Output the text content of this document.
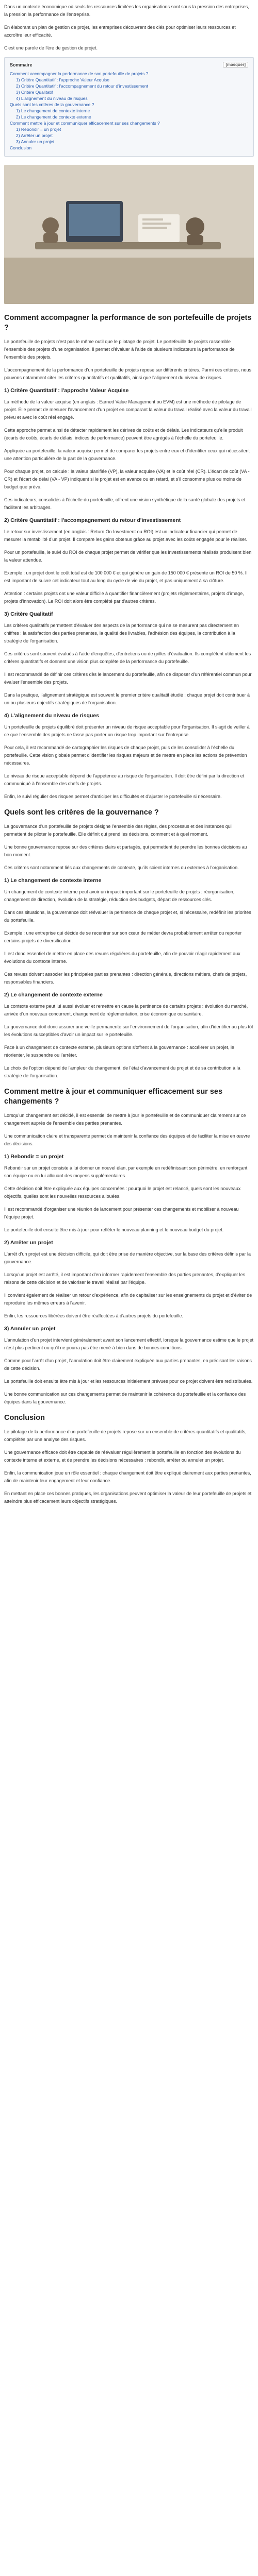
Dans un contexte économique où seuls les ressources limitées les organisations sont sous la pression des entreprises, la pression la performance de l'entreprise.

En élaborant un plan de gestion de projet, les entreprises découvrent des clés pour optimiser leurs ressources et accroître leur efficacité.

C'est une parole de l'ère de gestion de projet.

Sommaire	[masquer]
Comment accompagner la performance de son portefeuille de projets ?
1) Critère Quantitatif : l'approche Valeur Acquise
2) Critère Quantitatif : l'accompagnement du retour d'investissement
3) Critère Qualitatif
4) L'alignement du niveau de risques
Quels sont les critères de la gouvernance ?
1) Le changement de contexte interne
2) Le changement de contexte externe
Comment mettre à jour et communiquer efficacement sur ses changements ?
1) Rebondir = un projet
2) Arrêter un projet
3) Annuler un projet
Conclusion
Comment accompagner la performance de son portefeuille de projets ?

Le portefeuille de projets n'est pas le même outil que le pilotage de projet. Le portefeuille de projets rassemble l'ensemble des projets d'une organisation. Il permet d'évaluer à l'aide de plusieurs indicateurs la performance de l'ensemble des projets.

L'accompagnement de la performance d'un portefeuille de projets repose sur différents critères. Parmi ces critères, nous pouvons notamment citer les critères quantitatifs et qualitatifs, ainsi que l'alignement du niveau de risques.

1) Critère Quantitatif : l'approche Valeur Acquise

La méthode de la valeur acquise (en anglais : Earned Value Management ou EVM) est une méthode de pilotage de projet. Elle permet de mesurer l'avancement d'un projet en comparant la valeur du travail réalisé avec la valeur du travail prévu et avec le coût réel engagé.

Cette approche permet ainsi de détecter rapidement les dérives de coûts et de délais. Les indicateurs qu'elle produit (écarts de coûts, écarts de délais, indices de performance) peuvent être agrégés à l'échelle du portefeuille.

Appliquée au portefeuille, la valeur acquise permet de comparer les projets entre eux et d'identifier ceux qui nécessitent une attention particulière de la part de la gouvernance.

Pour chaque projet, on calcule : la valeur planifiée (VP), la valeur acquise (VA) et le coût réel (CR). L'écart de coût (VA - CR) et l'écart de délai (VA - VP) indiquent si le projet est en avance ou en retard, et s'il consomme plus ou moins de budget que prévu.

Ces indicateurs, consolidés à l'échelle du portefeuille, offrent une vision synthétique de la santé globale des projets et facilitent les arbitrages.

2) Critère Quantitatif : l'accompagnement du retour d'investissement

Le retour sur investissement (en anglais : Return On Investment ou ROI) est un indicateur financier qui permet de mesurer la rentabilité d'un projet. Il compare les gains obtenus grâce au projet avec les coûts engagés pour le réaliser.

Pour un portefeuille, le suivi du ROI de chaque projet permet de vérifier que les investissements réalisés produisent bien la valeur attendue.

Exemple : un projet dont le coût total est de 100 000 € et qui génère un gain de 150 000 € présente un ROI de 50 %. Il est important de suivre cet indicateur tout au long du cycle de vie du projet, et pas uniquement à sa clôture.

Attention : certains projets ont une valeur difficile à quantifier financièrement (projets réglementaires, projets d'image, projets d'innovation). Le ROI doit alors être complété par d'autres critères.

3) Critère Qualitatif

Les critères qualitatifs permettent d'évaluer des aspects de la performance qui ne se mesurent pas directement en chiffres : la satisfaction des parties prenantes, la qualité des livrables, l'adhésion des équipes, la contribution à la stratégie de l'organisation.

Ces critères sont souvent évalués à l'aide d'enquêtes, d'entretiens ou de grilles d'évaluation. Ils complètent utilement les critères quantitatifs et donnent une vision plus complète de la performance du portefeuille.

Il est recommandé de définir ces critères dès le lancement du portefeuille, afin de disposer d'un référentiel commun pour évaluer l'ensemble des projets.

Dans la pratique, l'alignement stratégique est souvent le premier critère qualitatif étudié : chaque projet doit contribuer à un ou plusieurs objectifs stratégiques de l'organisation.

4) L'alignement du niveau de risques

Un portefeuille de projets équilibré doit présenter un niveau de risque acceptable pour l'organisation. Il s'agit de veiller à ce que l'ensemble des projets ne fasse pas porter un risque trop important sur l'entreprise.

Pour cela, il est recommandé de cartographier les risques de chaque projet, puis de les consolider à l'échelle du portefeuille. Cette vision globale permet d'identifier les risques majeurs et de mettre en place les actions de prévention nécessaires.

Le niveau de risque acceptable dépend de l'appétence au risque de l'organisation. Il doit être défini par la direction et communiqué à l'ensemble des chefs de projets.

Enfin, le suivi régulier des risques permet d'anticiper les difficultés et d'ajuster le portefeuille si nécessaire.

Quels sont les critères de la gouvernance ?

La gouvernance d'un portefeuille de projets désigne l'ensemble des règles, des processus et des instances qui permettent de piloter le portefeuille. Elle définit qui prend les décisions, comment et à quel moment.

Une bonne gouvernance repose sur des critères clairs et partagés, qui permettent de prendre les bonnes décisions au bon moment.

Ces critères sont notamment liés aux changements de contexte, qu'ils soient internes ou externes à l'organisation.

1) Le changement de contexte interne

Un changement de contexte interne peut avoir un impact important sur le portefeuille de projets : réorganisation, changement de direction, évolution de la stratégie, réduction des budgets, départ de ressources clés.

Dans ces situations, la gouvernance doit réévaluer la pertinence de chaque projet et, si nécessaire, redéfinir les priorités du portefeuille.

Exemple : une entreprise qui décide de se recentrer sur son cœur de métier devra probablement arrêter ou reporter certains projets de diversification.

Il est donc essentiel de mettre en place des revues régulières du portefeuille, afin de pouvoir réagir rapidement aux évolutions du contexte interne.

Ces revues doivent associer les principales parties prenantes : direction générale, directions métiers, chefs de projets, responsables financiers.

2) Le changement de contexte externe

Le contexte externe peut lui aussi évoluer et remettre en cause la pertinence de certains projets : évolution du marché, arrivée d'un nouveau concurrent, changement de réglementation, crise économique ou sanitaire.

La gouvernance doit donc assurer une veille permanente sur l'environnement de l'organisation, afin d'identifier au plus tôt les évolutions susceptibles d'avoir un impact sur le portefeuille.

Face à un changement de contexte externe, plusieurs options s'offrent à la gouvernance : accélérer un projet, le réorienter, le suspendre ou l'arrêter.

Le choix de l'option dépend de l'ampleur du changement, de l'état d'avancement du projet et de sa contribution à la stratégie de l'organisation.

Comment mettre à jour et communiquer efficacement sur ses changements ?

Lorsqu'un changement est décidé, il est essentiel de mettre à jour le portefeuille et de communiquer clairement sur ce changement auprès de l'ensemble des parties prenantes.

Une communication claire et transparente permet de maintenir la confiance des équipes et de faciliter la mise en œuvre des décisions.

1) Rebondir = un projet

Rebondir sur un projet consiste à lui donner un nouvel élan, par exemple en redéfinissant son périmètre, en renforçant son équipe ou en lui allouant des moyens supplémentaires.

Cette décision doit être expliquée aux équipes concernées : pourquoi le projet est relancé, quels sont les nouveaux objectifs, quelles sont les nouvelles ressources allouées.

Il est recommandé d'organiser une réunion de lancement pour présenter ces changements et mobiliser à nouveau l'équipe projet.

Le portefeuille doit ensuite être mis à jour pour refléter le nouveau planning et le nouveau budget du projet.

2) Arrêter un projet

L'arrêt d'un projet est une décision difficile, qui doit être prise de manière objective, sur la base des critères définis par la gouvernance.

Lorsqu'un projet est arrêté, il est important d'en informer rapidement l'ensemble des parties prenantes, d'expliquer les raisons de cette décision et de valoriser le travail réalisé par l'équipe.

Il convient également de réaliser un retour d'expérience, afin de capitaliser sur les enseignements du projet et d'éviter de reproduire les mêmes erreurs à l'avenir.

Enfin, les ressources libérées doivent être réaffectées à d'autres projets du portefeuille.

3) Annuler un projet

L'annulation d'un projet intervient généralement avant son lancement effectif, lorsque la gouvernance estime que le projet n'est plus pertinent ou qu'il ne pourra pas être mené à bien dans de bonnes conditions.

Comme pour l'arrêt d'un projet, l'annulation doit être clairement expliquée aux parties prenantes, en précisant les raisons de cette décision.

Le portefeuille doit ensuite être mis à jour et les ressources initialement prévues pour ce projet doivent être redistribuées.

Une bonne communication sur ces changements permet de maintenir la cohérence du portefeuille et la confiance des équipes dans la gouvernance.

Conclusion

Le pilotage de la performance d'un portefeuille de projets repose sur un ensemble de critères quantitatifs et qualitatifs, complétés par une analyse des risques.

Une gouvernance efficace doit être capable de réévaluer régulièrement le portefeuille en fonction des évolutions du contexte interne et externe, et de prendre les décisions nécessaires : rebondir, arrêter ou annuler un projet.

Enfin, la communication joue un rôle essentiel : chaque changement doit être expliqué clairement aux parties prenantes, afin de maintenir leur engagement et leur confiance.

En mettant en place ces bonnes pratiques, les organisations peuvent optimiser la valeur de leur portefeuille de projets et atteindre plus efficacement leurs objectifs stratégiques.
